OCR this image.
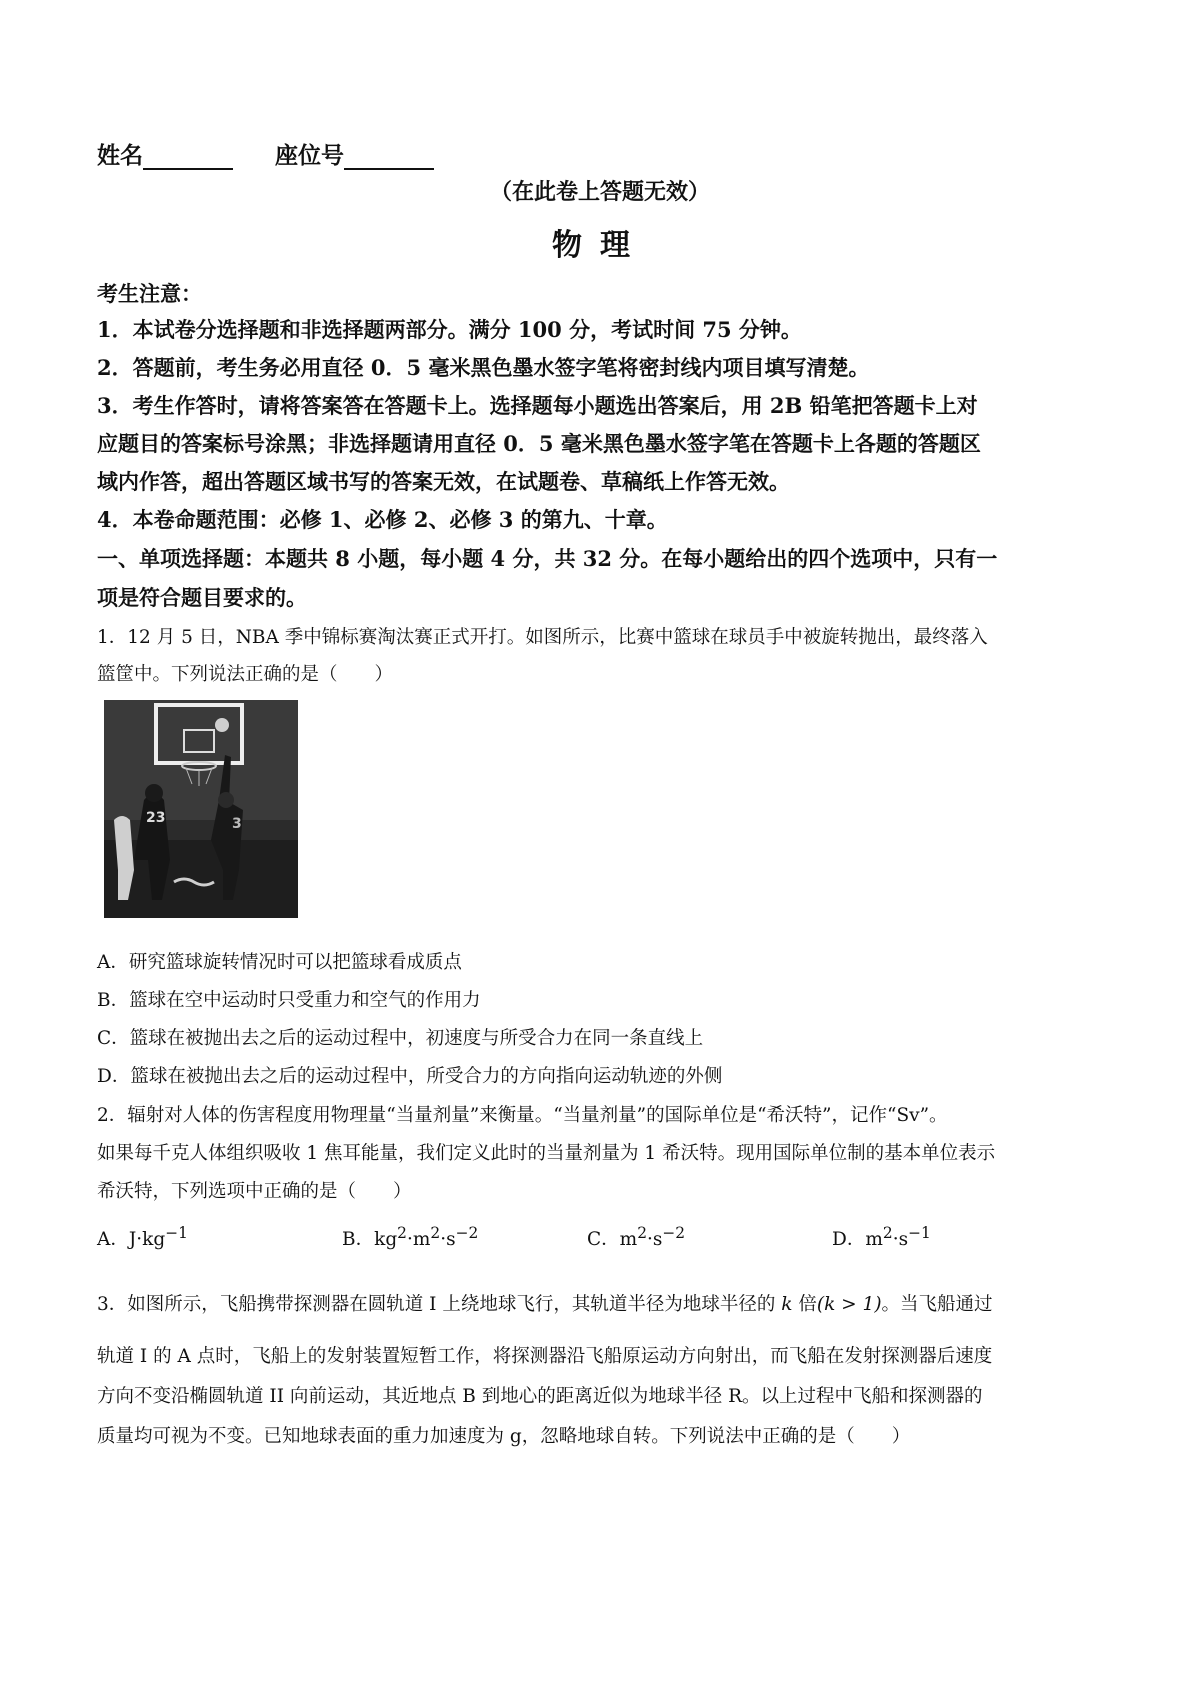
姓名	座位号
（在此卷上答题无效）
物理
考生注意：
1．本试卷分选择题和非选择题两部分。满分 100 分，考试时间 75 分钟。
2．答题前，考生务必用直径 0．5 毫米黑色墨水签字笔将密封线内项目填写清楚。
3．考生作答时，请将答案答在答题卡上。选择题每小题选出答案后，用 2B 铅笔把答题卡上对
应题目的答案标号涂黑；非选择题请用直径 0．5 毫米黑色墨水签字笔在答题卡上各题的答题区
域内作答，超出答题区域书写的答案无效，在试题卷、草稿纸上作答无效。
4．本卷命题范围：必修 1、必修 2、必修 3 的第九、十章。
一、单项选择题：本题共 8 小题，每小题 4 分，共 32 分。在每小题给出的四个选项中，只有一
项是符合题目要求的。
1．12 月 5 日，NBA 季中锦标赛淘汰赛正式开打。如图所示，比赛中篮球在球员手中被旋转抛出，最终落入
篮筐中。下列说法正确的是（　　）
23	3
A．研究篮球旋转情况时可以把篮球看成质点
B．篮球在空中运动时只受重力和空气的作用力
C．篮球在被抛出去之后的运动过程中，初速度与所受合力在同一条直线上
D．篮球在被抛出去之后的运动过程中，所受合力的方向指向运动轨迹的外侧
2．辐射对人体的伤害程度用物理量“当量剂量”来衡量。“当量剂量”的国际单位是“希沃特”，记作“Sv”。
如果每千克人体组织吸收 1 焦耳能量，我们定义此时的当量剂量为 1 希沃特。现用国际单位制的基本单位表示
希沃特，下列选项中正确的是（　　）
A．$J\cdot kg^{-1}$	B．$kg^2\cdot m^2\cdot s^{-2}$	C．$m^2\cdot s^{-2}$	D．$m^2\cdot s^{-1}$
3．如图所示，飞船携带探测器在圆轨道 I 上绕地球飞行，其轨道半径为地球半径的 k 倍(k > 1)。当飞船通过
轨道 I 的 A 点时，飞船上的发射装置短暂工作，将探测器沿飞船原运动方向射出，而飞船在发射探测器后速度
方向不变沿椭圆轨道 II 向前运动，其近地点 B 到地心的距离近似为地球半径 R。以上过程中飞船和探测器的
质量均可视为不变。已知地球表面的重力加速度为 g，忽略地球自转。下列说法中正确的是（　　）
